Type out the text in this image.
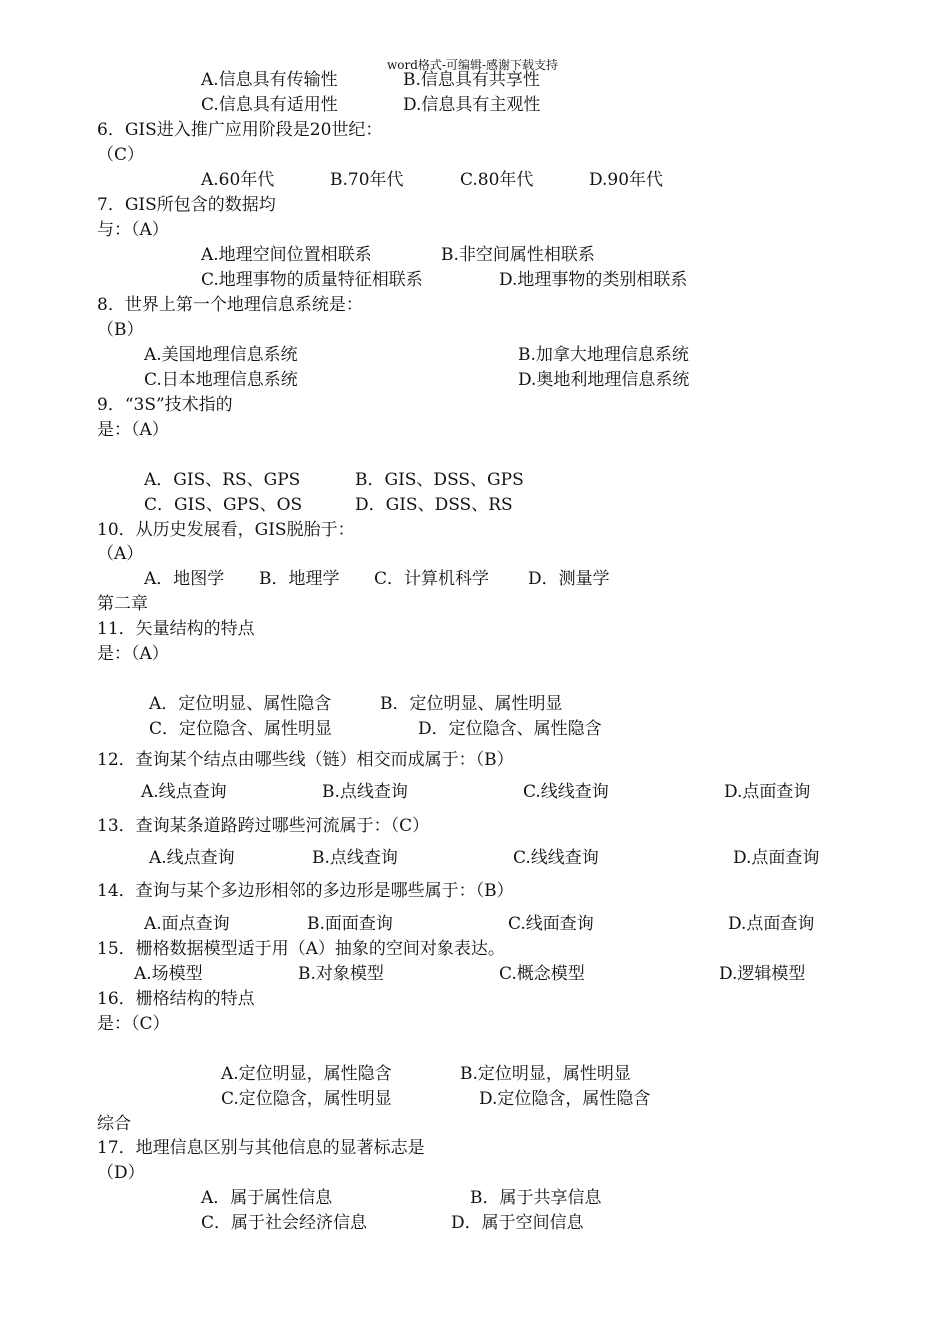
word格式-可编辑-感谢下载支持
A.信息具有传输性	B.信息具有共享性
C.信息具有适用性	D.信息具有主观性
6．GIS进入推广应用阶段是20世纪：
（C）
A.60年代	B.70年代	C.80年代	D.90年代
7．GIS所包含的数据均
与：（A）
A.地理空间位置相联系	B.非空间属性相联系
C.地理事物的质量特征相联系	D.地理事物的类别相联系
8．世界上第一个地理信息系统是：
（B）
A.美国地理信息系统	B.加拿大地理信息系统
C.日本地理信息系统	D.奥地利地理信息系统
9．“3S”技术指的
是：（A）
A．GIS、RS、GPS	B．GIS、DSS、GPS
C．GIS、GPS、OS	D．GIS、DSS、RS
10．从历史发展看，GIS脱胎于：
（A）
A．地图学 B．地理学 C．计算机科学 D．测量学
第二章
11．矢量结构的特点
是：（A）
A．定位明显、属性隐含	B．定位明显、属性明显
C．定位隐含、属性明显	D．定位隐含、属性隐含
12．查询某个结点由哪些线（链）相交而成属于：（B）
A.线点查询	B.点线查询	C.线线查询	D.点面查询
13．查询某条道路跨过哪些河流属于：（C）
A.线点查询	B.点线查询	C.线线查询	D.点面查询
14．查询与某个多边形相邻的多边形是哪些属于：（B）
A.面点查询	B.面面查询	C.线面查询	D.点面查询
15．栅格数据模型适于用（A）抽象的空间对象表达。
A.场模型	B.对象模型	C.概念模型	D.逻辑模型
16．栅格结构的特点
是：（C）
A.定位明显，属性隐含	B.定位明显，属性明显
C.定位隐含，属性明显	D.定位隐含，属性隐含
综合
17．地理信息区别与其他信息的显著标志是
（D）
A．属于属性信息	B．属于共享信息
C．属于社会经济信息	D．属于空间信息
